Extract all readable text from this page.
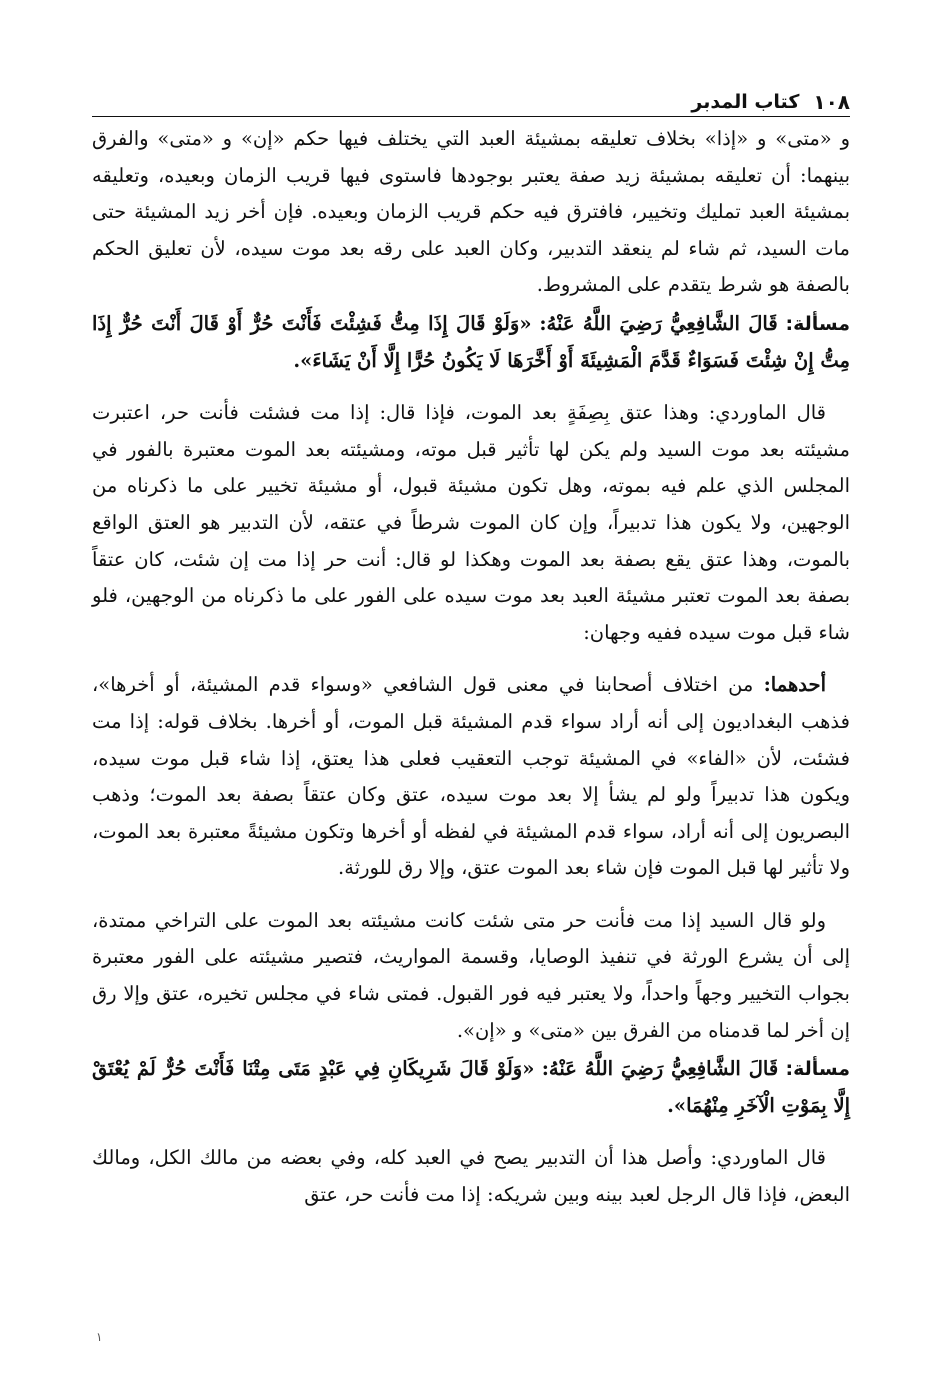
١٠٨
كتاب المدبر

و «متى» و «إذا» بخلاف تعليقه بمشيئة العبد التي يختلف فيها حكم «إن» و «متى» والفرق بينهما: أن تعليقه بمشيئة زيد صفة يعتبر بوجودها فاستوى فيها قريب الزمان وبعيده، وتعليقه بمشيئة العبد تمليك وتخيير، فافترق فيه حكم قريب الزمان وبعيده. فإن أخر زيد المشيئة حتى مات السيد، ثم شاء لم ينعقد التدبير، وكان العبد على رقه بعد موت سيده، لأن تعليق الحكم بالصفة هو شرط يتقدم على المشروط.

مسألة: قَالَ الشَّافِعِيُّ رَضِيَ اللَّهُ عَنْهُ: «وَلَوْ قَالَ إِذَا مِتُّ فَشِئْتَ فَأَنْتَ حُرٌّ أَوْ قَالَ أَنْتَ حُرٌّ إِذَا مِتُّ إِنْ شِئْتَ فَسَوَاءٌ قَدَّمَ الْمَشِيئَةَ أَوْ أَخَّرَهَا لَا يَكُونُ حُرًّا إِلَّا أَنْ يَشَاءَ».

قال الماوردي: وهذا عتق بِصِفَةٍ بعد الموت، فإذا قال: إذا مت فشئت فأنت حر، اعتبرت مشيئته بعد موت السيد ولم يكن لها تأثير قبل موته، ومشيئته بعد الموت معتبرة بالفور في المجلس الذي علم فيه بموته، وهل تكون مشيئة قبول، أو مشيئة تخيير على ما ذكرناه من الوجهين، ولا يكون هذا تدبيراً، وإن كان الموت شرطاً في عتقه، لأن التدبير هو العتق الواقع بالموت، وهذا عتق يقع بصفة بعد الموت وهكذا لو قال: أنت حر إذا مت إن شئت، كان عتقاً بصفة بعد الموت تعتبر مشيئة العبد بعد موت سيده على الفور على ما ذكرناه من الوجهين، فلو شاء قبل موت سيده ففيه وجهان:

أحدهما: من اختلاف أصحابنا في معنى قول الشافعي «وسواء قدم المشيئة، أو أخرها»، فذهب البغداديون إلى أنه أراد سواء قدم المشيئة قبل الموت، أو أخرها. بخلاف قوله: إذا مت فشئت، لأن «الفاء» في المشيئة توجب التعقيب فعلى هذا يعتق، إذا شاء قبل موت سيده، ويكون هذا تدبيراً ولو لم يشأ إلا بعد موت سيده، عتق وكان عتقاً بصفة بعد الموت؛ وذهب البصريون إلى أنه أراد، سواء قدم المشيئة في لفظه أو أخرها وتكون مشيئةً معتبرة بعد الموت، ولا تأثير لها قبل الموت فإن شاء بعد الموت عتق، وإلا رق للورثة.

ولو قال السيد إذا مت فأنت حر متى شئت كانت مشيئته بعد الموت على التراخي ممتدة، إلى أن يشرع الورثة في تنفيذ الوصايا، وقسمة المواريث، فتصير مشيئته على الفور معتبرة بجواب التخيير وجهاً واحداً، ولا يعتبر فيه فور القبول. فمتى شاء في مجلس تخيره، عتق وإلا رق إن أخر لما قدمناه من الفرق بين «متى» و «إن».

مسألة: قَالَ الشَّافِعِيُّ رَضِيَ اللَّهُ عَنْهُ: «وَلَوْ قَالَ شَرِيكَانِ فِي عَبْدٍ مَتَى مِتْنَا فَأَنْتَ حُرٌّ لَمْ يُعْتَقْ إِلَّا بِمَوْتِ الْآخَرِ مِنْهُمَا».

قال الماوردي: وأصل هذا أن التدبير يصح في العبد كله، وفي بعضه من مالك الكل، ومالك البعض، فإذا قال الرجل لعبد بينه وبين شريكه: إذا مت فأنت حر، عتق

١
